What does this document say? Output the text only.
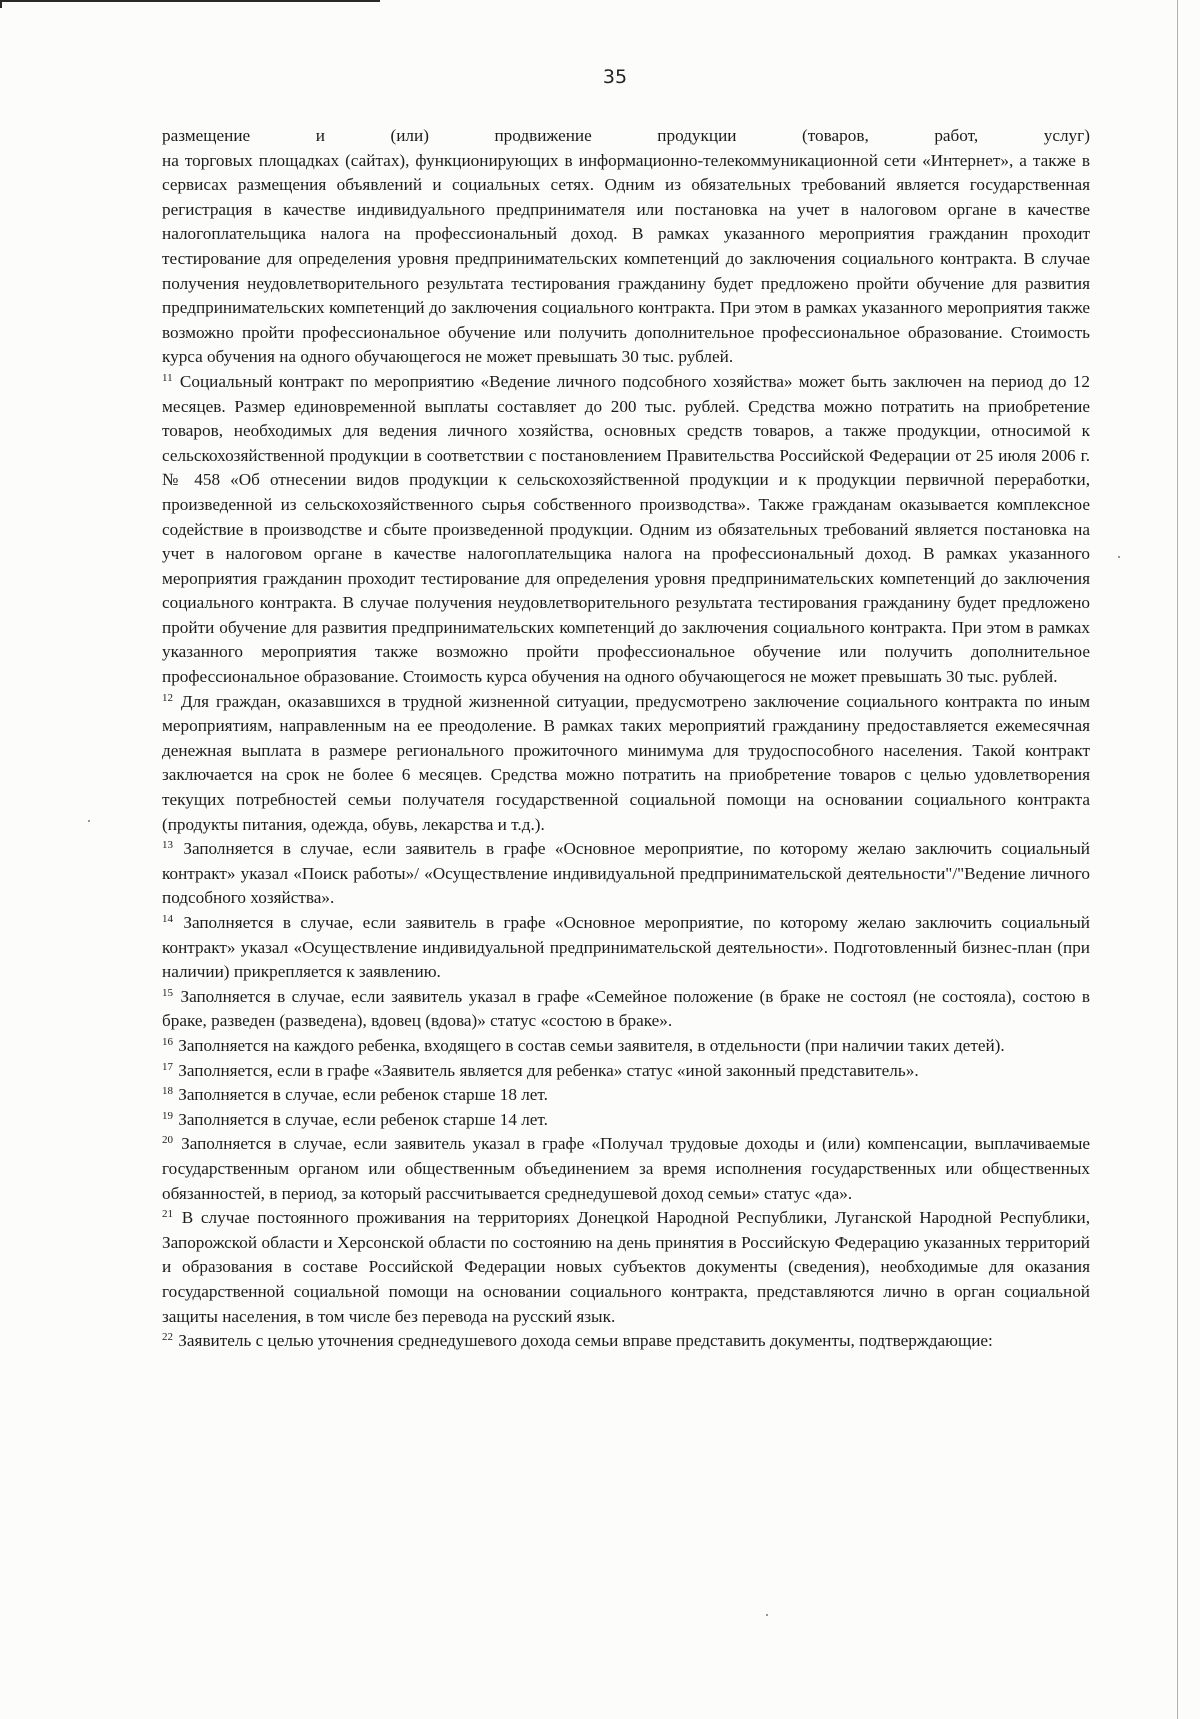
35
размещение	и	(или)	продвижение	продукции	(товаров,	работ,	услуг)

на торговых площадках (сайтах), функционирующих в информационно-телекоммуникационной сети «Интернет», а также в сервисах размещения объявлений и социальных сетях. Одним из обязательных требований является государственная регистрация в качестве индивидуального предпринимателя или постановка на учет в налоговом органе в качестве налогоплательщика налога на профессиональный доход. В рамках указанного мероприятия гражданин проходит тестирование для определения уровня предпринимательских компетенций до заключения социального контракта. В случае получения неудовлетворительного результата тестирования гражданину будет предложено пройти обучение для развития предпринимательских компетенций до заключения социального контракта. При этом в рамках указанного мероприятия также возможно пройти профессиональное обучение или получить дополнительное профессиональное образование. Стоимость курса обучения на одного обучающегося не может превышать 30 тыс. рублей.

$^{11}$ Социальный контракт по мероприятию «Ведение личного подсобного хозяйства» может быть заключен на период до 12 месяцев. Размер единовременной выплаты составляет до 200 тыс. рублей. Средства можно потратить на приобретение товаров, необходимых для ведения личного хозяйства, основных средств товаров, а также продукции, относимой к сельскохозяйственной продукции в соответствии с постановлением Правительства Российской Федерации от 25 июля 2006 г. № 458 «Об отнесении видов продукции к сельскохозяйственной продукции и к продукции первичной переработки, произведенной из сельскохозяйственного сырья собственного производства». Также гражданам оказывается комплексное содействие в производстве и сбыте произведенной продукции. Одним из обязательных требований является постановка на учет в налоговом органе в качестве налогоплательщика налога на профессиональный доход. В рамках указанного мероприятия гражданин проходит тестирование для определения уровня предпринимательских компетенций до заключения социального контракта. В случае получения неудовлетворительного результата тестирования гражданину будет предложено пройти обучение для развития предпринимательских компетенций до заключения социального контракта. При этом в рамках указанного мероприятия также возможно пройти профессиональное обучение или получить дополнительное профессиональное образование. Стоимость курса обучения на одного обучающегося не может превышать 30 тыс. рублей.

$^{12}$ Для граждан, оказавшихся в трудной жизненной ситуации, предусмотрено заключение социального контракта по иным мероприятиям, направленным на ее преодоление. В рамках таких мероприятий гражданину предоставляется ежемесячная денежная выплата в размере регионального прожиточного минимума для трудоспособного населения. Такой контракт заключается на срок не более 6 месяцев. Средства можно потратить на приобретение товаров с целью удовлетворения текущих потребностей семьи получателя государственной социальной помощи на основании социального контракта (продукты питания, одежда, обувь, лекарства и т.д.).

$^{13}$ Заполняется в случае, если заявитель в графе «Основное мероприятие, по которому желаю заключить социальный контракт» указал «Поиск работы»/ «Осуществление индивидуальной предпринимательской деятельности"/"Ведение личного подсобного хозяйства».

$^{14}$ Заполняется в случае, если заявитель в графе «Основное мероприятие, по которому желаю заключить социальный контракт» указал «Осуществление индивидуальной предпринимательской деятельности». Подготовленный бизнес-план (при наличии) прикрепляется к заявлению.

$^{15}$ Заполняется в случае, если заявитель указал в графе «Семейное положение (в браке не состоял (не состояла), состою в браке, разведен (разведена), вдовец (вдова)» статус «состою в браке».

$^{16}$ Заполняется на каждого ребенка, входящего в состав семьи заявителя, в отдельности (при наличии таких детей).

$^{17}$ Заполняется, если в графе «Заявитель является для ребенка» статус «иной законный представитель».

$^{18}$ Заполняется в случае, если ребенок старше 18 лет.

$^{19}$ Заполняется в случае, если ребенок старше 14 лет.

$^{20}$ Заполняется в случае, если заявитель указал в графе «Получал трудовые доходы и (или) компенсации, выплачиваемые государственным органом или общественным объединением за время исполнения государственных или общественных обязанностей, в период, за который рассчитывается среднедушевой доход семьи» статус «да».

$^{21}$ В случае постоянного проживания на территориях Донецкой Народной Республики, Луганской Народной Республики, Запорожской области и Херсонской области по состоянию на день принятия в Российскую Федерацию указанных территорий и образования в составе Российской Федерации новых субъектов документы (сведения), необходимые для оказания государственной социальной помощи на основании социального контракта, представляются лично в орган социальной защиты населения, в том числе без перевода на русский язык.

$^{22}$ Заявитель с целью уточнения среднедушевого дохода семьи вправе представить документы, подтверждающие:
